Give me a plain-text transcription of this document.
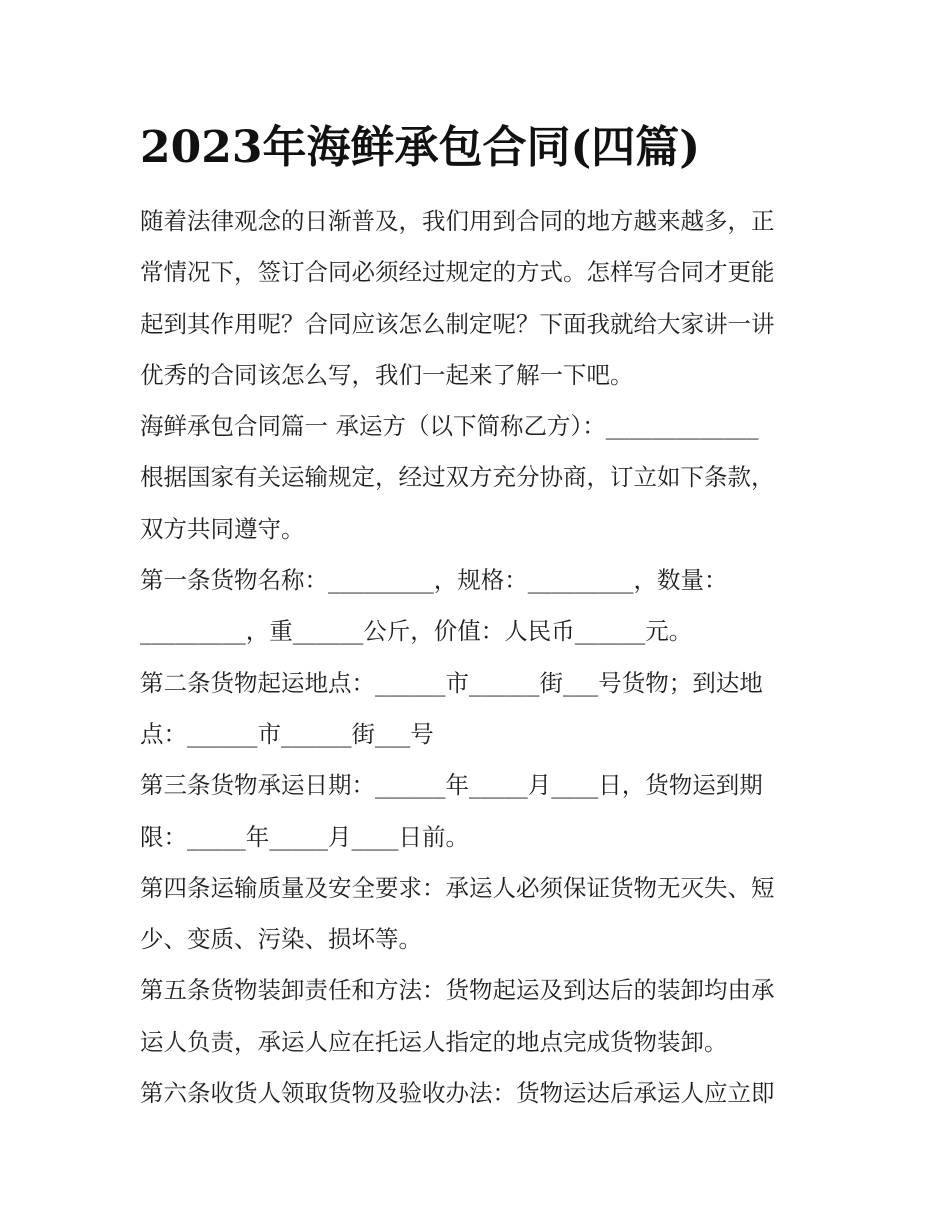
2023年海鲜承包合同(四篇)
随着法律观念的日渐普及，我们用到合同的地方越来越多，正
常情况下，签订合同必须经过规定的方式。怎样写合同才更能
起到其作用呢？合同应该怎么制定呢？下面我就给大家讲一讲
优秀的合同该怎么写，我们一起来了解一下吧。
海鲜承包合同篇一 承运方（以下简称乙方）：_____________
根据国家有关运输规定，经过双方充分协商，订立如下条款，
双方共同遵守。
第一条货物名称：_________，规格：_________，数量：
_________，重______公斤，价值：人民币______元。
第二条货物起运地点：______市______街___号货物；到达地
点：______市______街___号
第三条货物承运日期：______年_____月____日，货物运到期
限：_____年_____月____日前。
第四条运输质量及安全要求：承运人必须保证货物无灭失、短
少、变质、污染、损坏等。
第五条货物装卸责任和方法：货物起运及到达后的装卸均由承
运人负责，承运人应在托运人指定的地点完成货物装卸。
第六条收货人领取货物及验收办法：货物运达后承运人应立即
